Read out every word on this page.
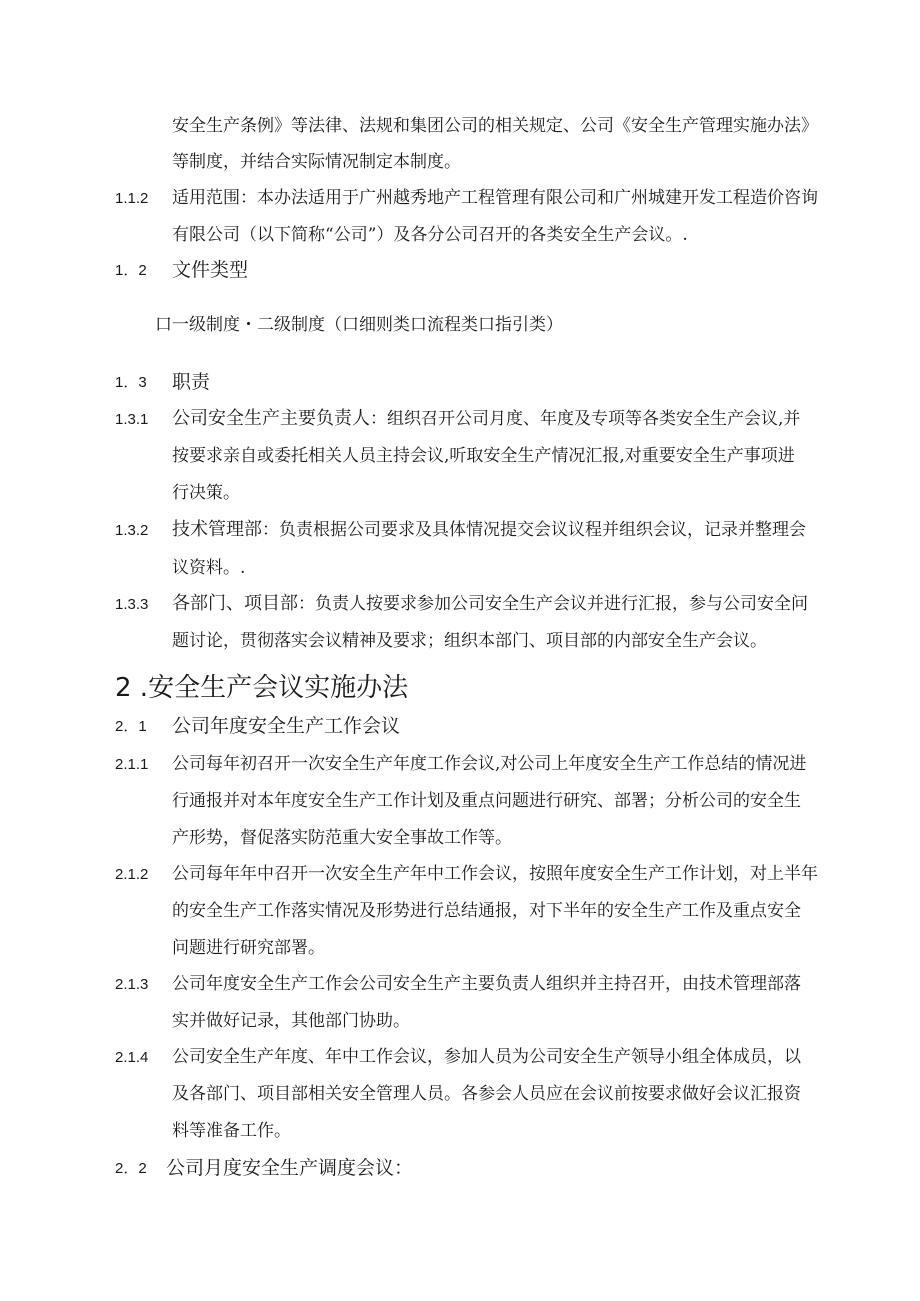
安全生产条例》等法律、法规和集团公司的相关规定、公司《安全生产管理实施办法》
等制度，并结合实际情况制定本制度。
1.1.2 适用范围：本办法适用于广州越秀地产工程管理有限公司和广州城建开发工程造价咨询
有限公司（以下简称“公司”）及各分公司召开的各类安全生产会议。.
1．2 文件类型
口一级制度・二级制度（口细则类口流程类口指引类）
1．3 职责
1.3.1 公司安全生产主要负责人：组织召开公司月度、年度及专项等各类安全生产会议,并
按要求亲自或委托相关人员主持会议,听取安全生产情况汇报,对重要安全生产事项进
行决策。
1.3.2 技术管理部：负责根据公司要求及具体情况提交会议议程并组织会议，记录并整理会
议资料。.
1.3.3 各部门、项目部：负责人按要求参加公司安全生产会议并进行汇报，参与公司安全问
题讨论，贯彻落实会议精神及要求；组织本部门、项目部的内部安全生产会议。
2 .安全生产会议实施办法
2．1 公司年度安全生产工作会议
2.1.1 公司每年初召开一次安全生产年度工作会议,对公司上年度安全生产工作总结的情况进
行通报并对本年度安全生产工作计划及重点问题进行研究、部署；分析公司的安全生
产形势，督促落实防范重大安全事故工作等。
2.1.2 公司每年年中召开一次安全生产年中工作会议，按照年度安全生产工作计划，对上半年
的安全生产工作落实情况及形势进行总结通报，对下半年的安全生产工作及重点安全
问题进行研究部署。
2.1.3 公司年度安全生产工作会公司安全生产主要负责人组织并主持召开，由技术管理部落
实并做好记录，其他部门协助。
2.1.4 公司安全生产年度、年中工作会议，参加人员为公司安全生产领导小组全体成员，以
及各部门、项目部相关安全管理人员。各参会人员应在会议前按要求做好会议汇报资
料等准备工作。
2．2 公司月度安全生产调度会议：
